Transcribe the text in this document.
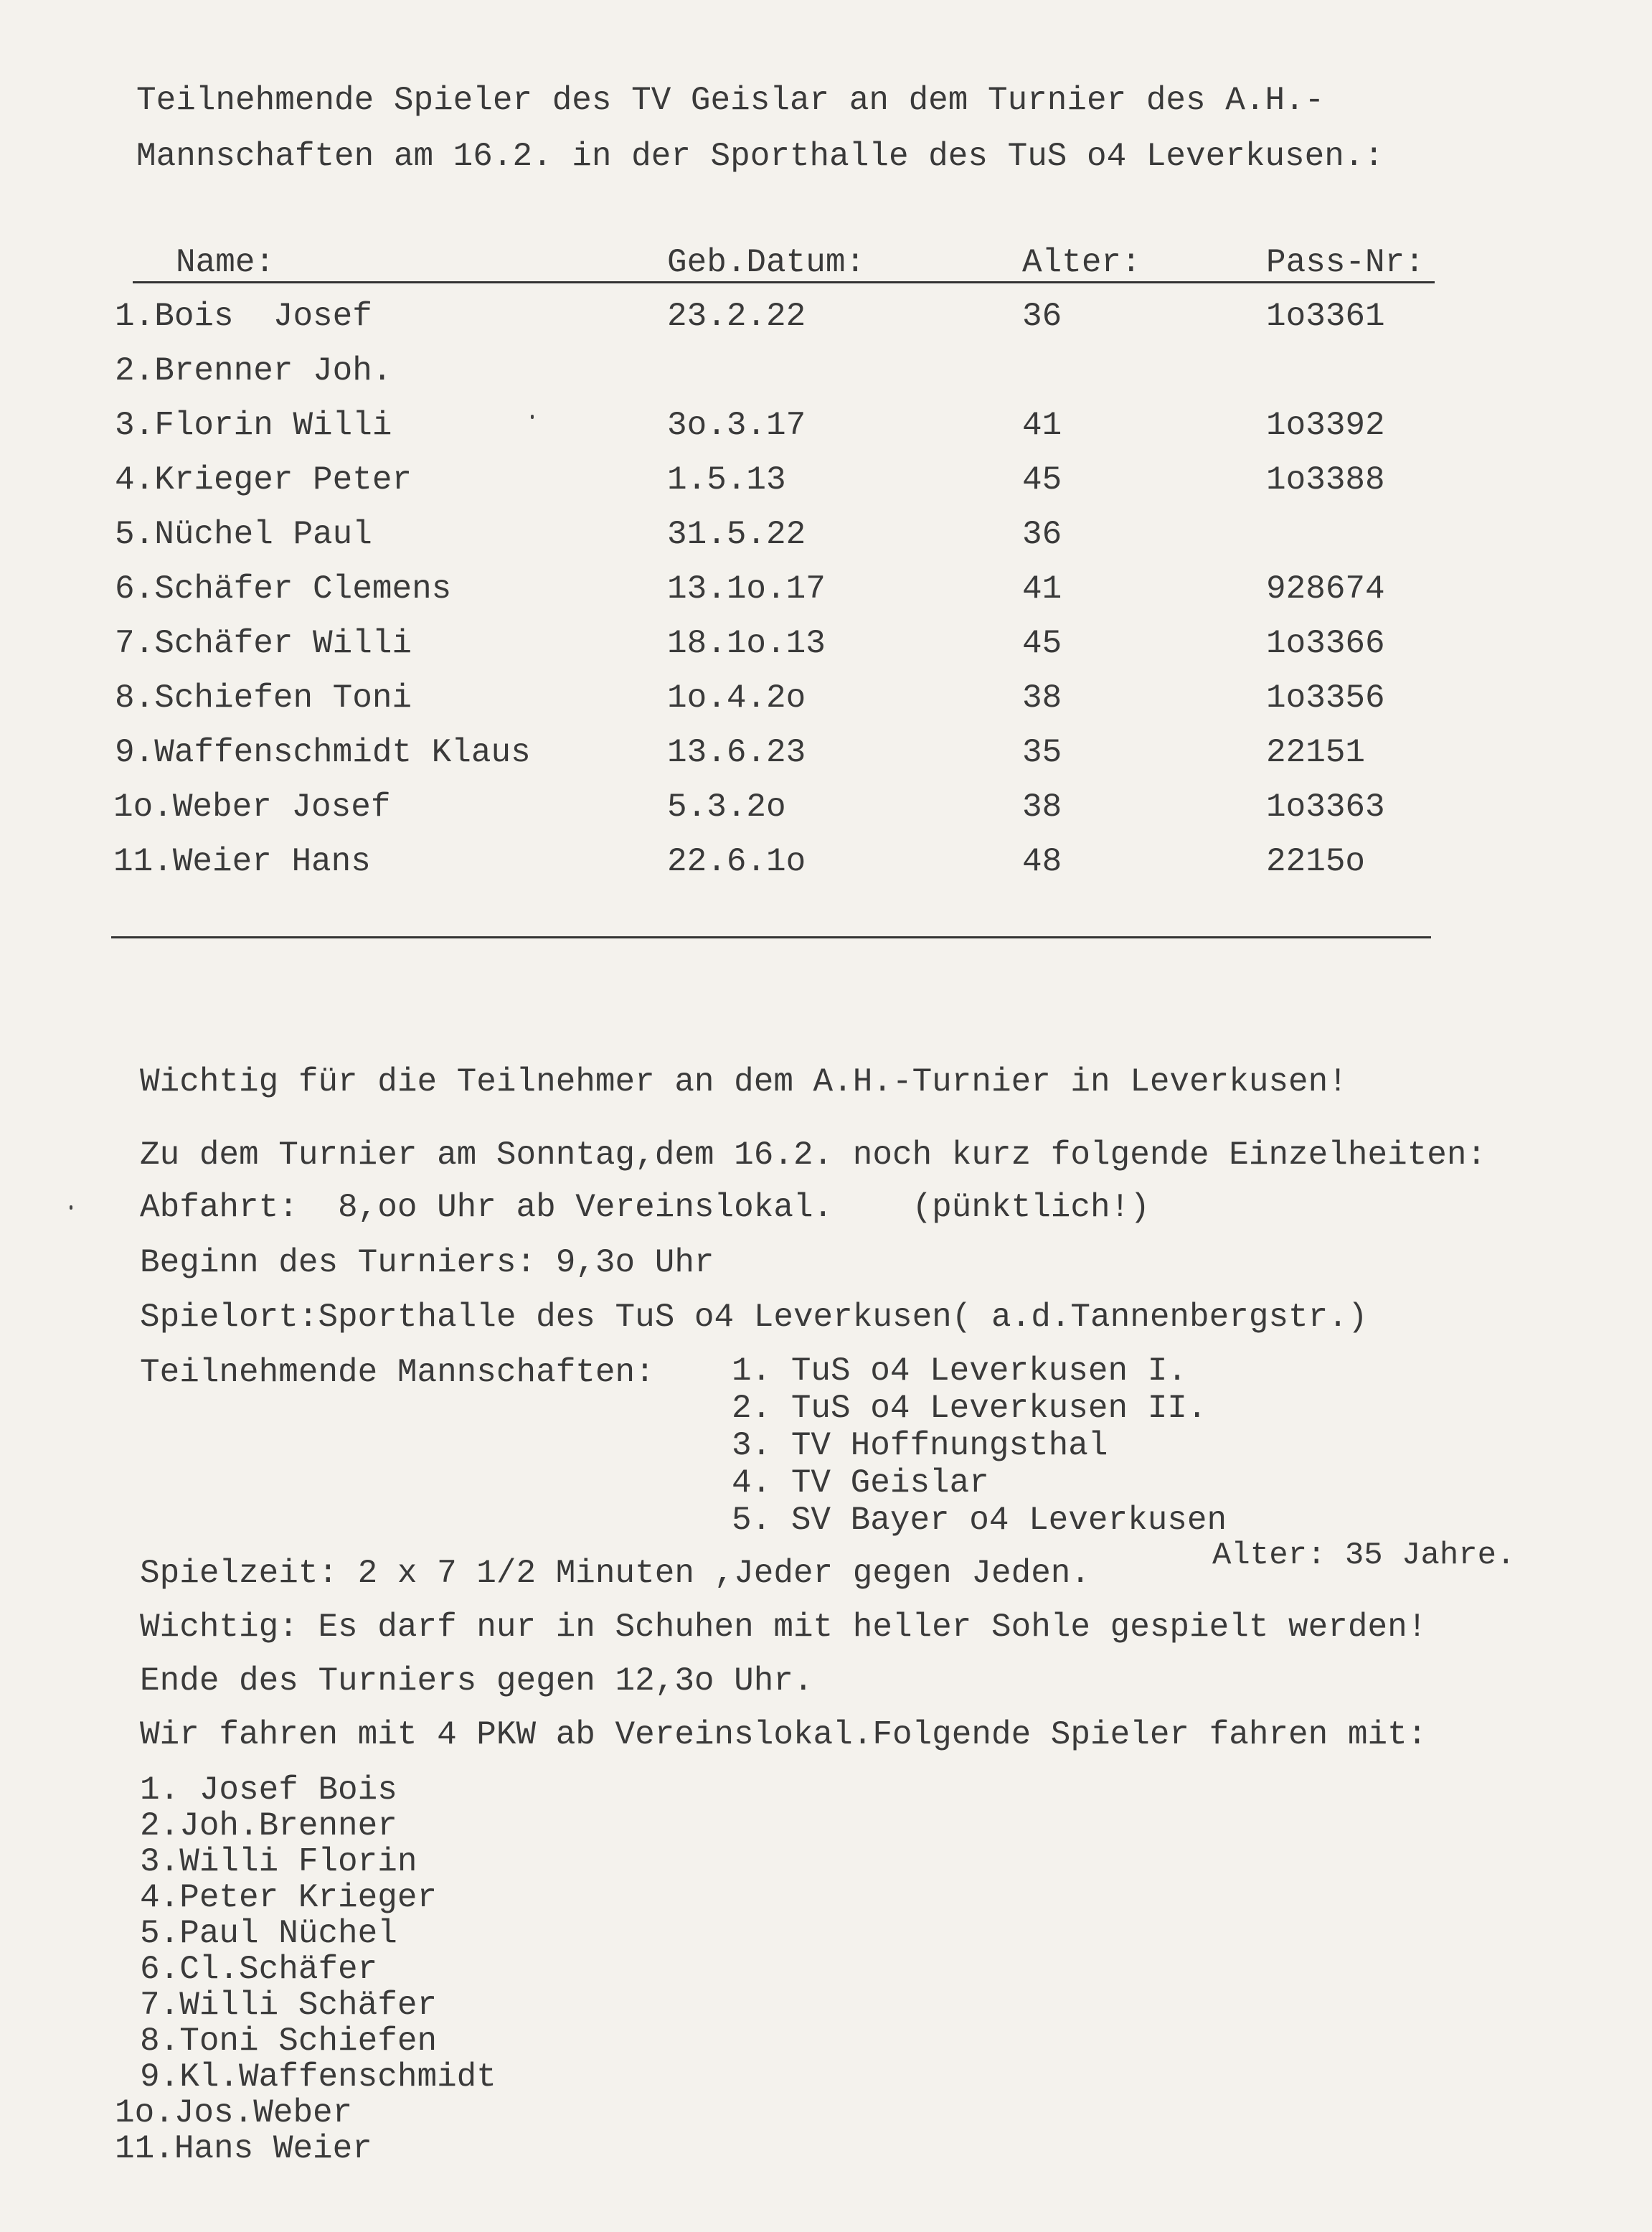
Teilnehmende Spieler des TV Geislar an dem Turnier des A.H.-
Mannschaften am 16.2. in der Sporthalle des TuS o4 Leverkusen.:
Name:	Geb.Datum:	Alter:	Pass-Nr:
1.Bois  Josef	23.2.22	36	1o3361
2.Brenner Joh.
3.Florin Willi	3o.3.17	41	1o3392
4.Krieger Peter	1.5.13	45	1o3388
5.Nüchel Paul	31.5.22	36
6.Schäfer Clemens	13.1o.17	41	928674
7.Schäfer Willi	18.1o.13	45	1o3366
8.Schiefen Toni	1o.4.2o	38	1o3356
9.Waffenschmidt Klaus	13.6.23	35	22151
1o.Weber Josef	5.3.2o	38	1o3363
11.Weier Hans	22.6.1o	48	2215o
Wichtig für die Teilnehmer an dem A.H.-Turnier in Leverkusen!
Zu dem Turnier am Sonntag,dem 16.2. noch kurz folgende Einzelheiten:
Abfahrt:  8,oo Uhr ab Vereinslokal.    (pünktlich!)
Beginn des Turniers: 9,3o Uhr
Spielort:Sporthalle des TuS o4 Leverkusen( a.d.Tannenbergstr.)
Teilnehmende Mannschaften: 1. TuS o4 Leverkusen I.
2. TuS o4 Leverkusen II.
3. TV Hoffnungsthal
4. TV Geislar
5. SV Bayer o4 Leverkusen
Spielzeit: 2 x 7 1/2 Minuten ,Jeder gegen Jeden.	Alter: 35 Jahre.
Wichtig: Es darf nur in Schuhen mit heller Sohle gespielt werden!
Ende des Turniers gegen 12,3o Uhr.
Wir fahren mit 4 PKW ab Vereinslokal.Folgende Spieler fahren mit:
1. Josef Bois
2.Joh.Brenner
3.Willi Florin
4.Peter Krieger
5.Paul Nüchel
6.Cl.Schäfer
7.Willi Schäfer
8.Toni Schiefen
9.Kl.Waffenschmidt
1o.Jos.Weber
11.Hans Weier
